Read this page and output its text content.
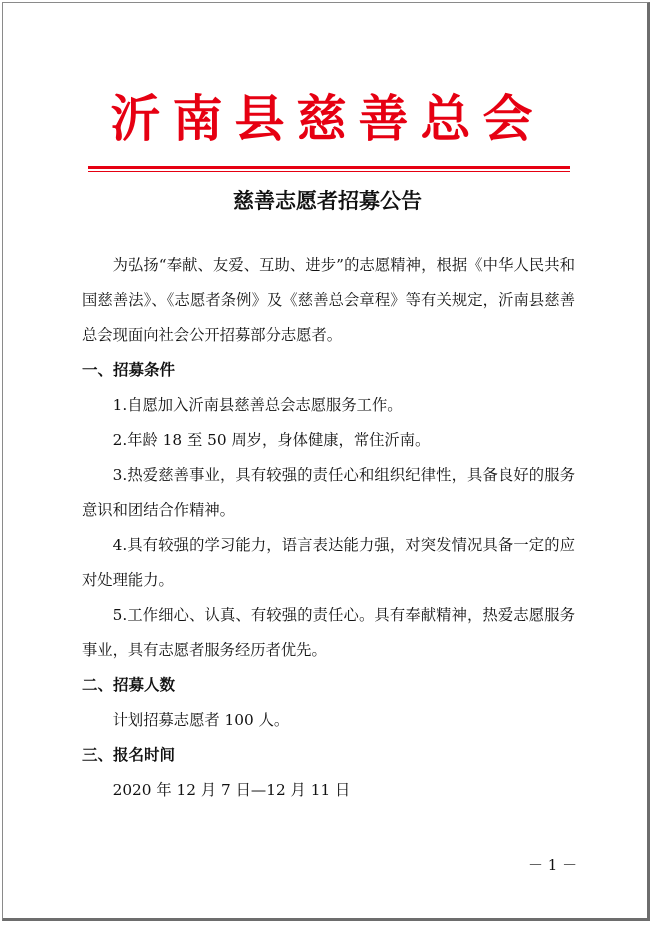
沂南县慈善总会
慈善志愿者招募公告

为弘扬“奉献、友爱、互助、进步”的志愿精神，根据《中华人民共和国慈善法》、《志愿者条例》及《慈善总会章程》等有关规定，沂南县慈善总会现面向社会公开招募部分志愿者。

一、招募条件

1.自愿加入沂南县慈善总会志愿服务工作。

2.年龄 18 至 50 周岁，身体健康，常住沂南。

3.热爱慈善事业，具有较强的责任心和组织纪律性，具备良好的服务意识和团结合作精神。

4.具有较强的学习能力，语言表达能力强，对突发情况具备一定的应对处理能力。

5.工作细心、认真、有较强的责任心。具有奉献精神，热爱志愿服务事业，具有志愿者服务经历者优先。

二、招募人数

计划招募志愿者 100 人。

三、报名时间

2020 年 12 月 7 日—12 月 11 日

－ 1 －
